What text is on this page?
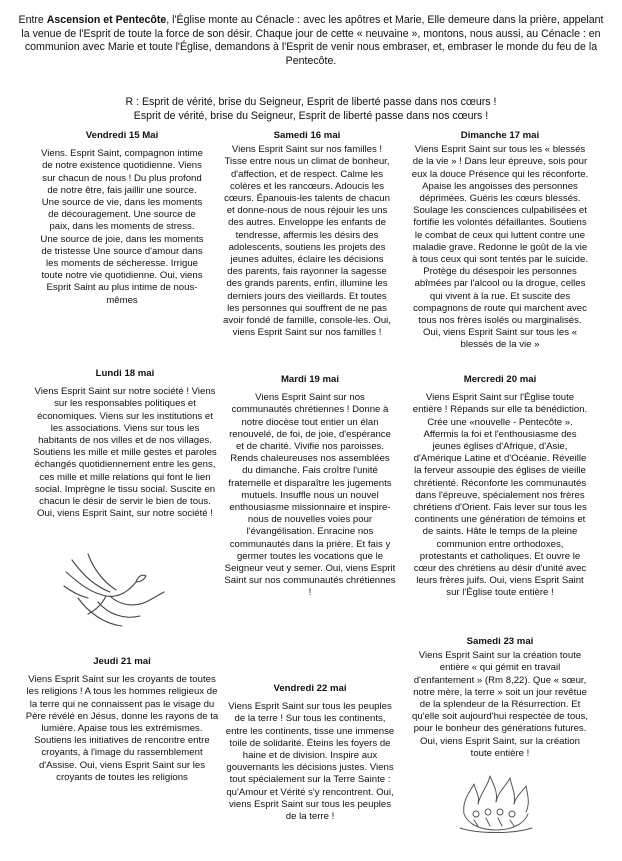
Entre Ascension et Pentecôte, l'Église monte au Cénacle : avec les apôtres et Marie, Elle demeure dans la prière, appelant la venue de l'Esprit de toute la force de son désir. Chaque jour de cette « neuvaine », montons, nous aussi, au Cénacle : en communion avec Marie et toute l'Église, demandons à l'Esprit de venir nous embraser, et, embraser le monde du feu de la Pentecôte.

R : Esprit de vérité, brise du Seigneur, Esprit de liberté passe dans nos cœurs !

Esprit de vérité, brise du Seigneur, Esprit de liberté passe dans nos cœurs !

Vendredi 15 Mai

Viens. Esprit Saint, compagnon intime de notre existence quotidienne. Viens sur chacun de nous ! Du plus profond de notre être, fais jaillir une source. Une source de vie, dans les moments de découragement. Une source de paix, dans les moments de stress. Une source de joie, dans les moments de tristesse Une source d'amour dans les moments de sécheresse. Irrigue toute notre vie quotidienne. Oui, viens Esprit Saint au plus intime de nous-mêmes

Samedi 16 mai

Viens Esprit Saint sur nos familles ! Tisse entre nous un climat de bonheur, d'affection, et de respect. Calme les colères et les rancœurs. Adoucis les cœurs. Épanouis-les talents de chacun et donne-nous de nous réjouir les uns des autres. Enveloppe les enfants de tendresse, affermis les désirs des adolescents, soutiens les projets des jeunes adultes, éclaire les décisions des parents, fais rayonner la sagesse des grands parents, enfin, illumine les derniers jours des vieillards. Et toutes les personnes qui souffrent de ne pas avoir fondé de famille, console-les. Oui, viens Esprit Saint sur nos familles !

Dimanche 17 mai

Viens Esprit Saint sur tous les « blessés de la vie » ! Dans leur épreuve, sois pour eux la douce Présence qui les réconforte. Apaise les angoisses des personnes déprimées. Guéris les cœurs blessés. Soulage les consciences culpabilisées et fortifie les volontés défaillantes. Soutiens le combat de ceux qui luttent contre une maladie grave. Redonne le goût de la vie à tous ceux qui sont tentés par le suicide. Protège du désespoir les personnes abîmées par l'alcool ou la drogue, celles qui vivent à la rue. Et suscite des compagnons de route qui marchent avec tous nos frères isolés ou marginalisés. Oui, viens Esprit Saint sur tous les « blessés de la vie »

Lundi 18 mai

Viens Esprit Saint sur notre société ! Viens sur les responsables politiques et économiques. Viens sur les institutions et les associations. Viens sur tous les habitants de nos villes et de nos villages. Soutiens les mille et mille gestes et paroles échangés quotidiennement entre les gens, ces mille et mille relations qui font le lien social. Imprègne le tissu social. Suscite en chacun le désir de servir le bien de tous. Oui, viens Esprit Saint, sur notre société !

Mardi 19 mai

Viens Esprit Saint sur nos communautés chrétiennes ! Donne à notre diocèse tout entier un élan renouvelé, de foi, de joie, d'espérance et de charité. Vivifie nos paroisses. Rends chaleureuses nos assemblées du dimanche. Fais croître l'unité fraternelle et disparaître les jugements mutuels. Insuffle nous un nouvel enthousiasme missionnaire et inspire-nous de nouvelles voies pour l'évangélisation. Enracine nos communautés dans la prière. Et fais y germer toutes les vocations que le Seigneur veut y semer. Oui, viens Esprit Saint sur nos communautés chrétiennes !

Mercredi 20 mai

Viens Esprit Saint sur l'Église toute entière ! Répands sur elle ta bénédiction. Crée une «nouvelle - Pentecôte ». Affermis la foi et l'enthousiasme des jeunes églises d'Afrique, d'Asie, d'Amérique Latine et d'Océanie. Réveille la ferveur assoupie des églises de vieille chrétienté. Réconforte les communautés dans l'épreuve, spécialement nos frères chrétiens d'Orient. Fais lever sur tous les continents une génération de témoins et de saints. Hâte le temps de la pleine communion entre orthodoxes, protestants et catholiques. Et ouvre le cœur des chrétiens au désir d'unité avec leurs frères juifs. Oui, viens Esprit Saint sur l'Église toute entière !

Samedi 23 mai

Viens Esprit Saint sur la création toute entière « qui gémit en travail d'enfantement » (Rm 8,22). Que « sœur, notre mère, la terre » soit un jour revêtue de la splendeur de la Résurrection. Et qu'elle soit aujourd'hui respectée de tous, pour le bonheur des générations futures. Oui, viens Esprit Saint, sur la création toute entière !

Jeudi 21 mai

Viens Esprit Saint sur les croyants de toutes les religions ! A tous les hommes religieux de la terre qui ne connaissent pas le visage du Père révélé en Jésus, donne les rayons de ta lumière. Apaise tous les extrémismes. Soutiens les initiatives de rencontre entre croyants, à l'image du rassemblement d'Assise. Oui, viens Esprit Saint sur les croyants de toutes les religions

Vendredi 22 mai

Viens Esprit Saint sur tous les peuples de la terre ! Sur tous les continents, entre les continents, tisse une immense toile de solidarité. Éteins les foyers de haine et de division. Inspire aux gouvernants les décisions justes. Viens tout spécialement sur la Terre Sainte : qu'Amour et Vérité s'y rencontrent. Oui, viens Esprit Saint sur tous les peuples de la terre !
